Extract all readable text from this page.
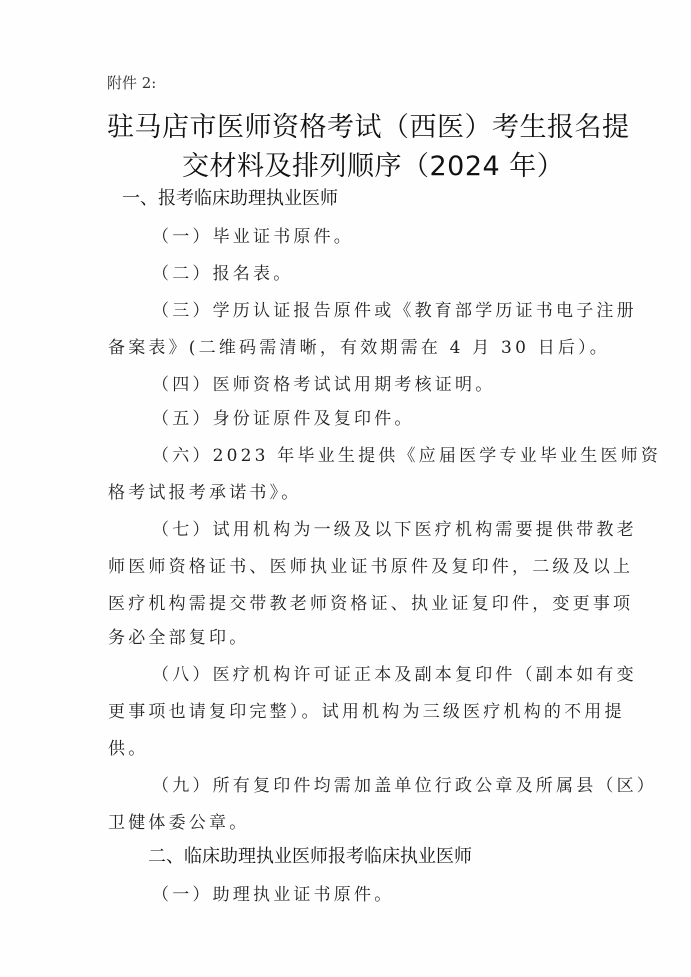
附件 2:
驻马店市医师资格考试（西医）考生报名提
交材料及排列顺序（2024 年）
一、报考临床助理执业医师
（一）毕业证书原件。
（二）报名表。
（三）学历认证报告原件或《教育部学历证书电子注册
备案表》(二维码需清晰，有效期需在 4 月 30 日后）。
（四）医师资格考试试用期考核证明。
（五）身份证原件及复印件。
（六）2023 年毕业生提供《应届医学专业毕业生医师资
格考试报考承诺书》。
（七）试用机构为一级及以下医疗机构需要提供带教老
师医师资格证书、医师执业证书原件及复印件，二级及以上
医疗机构需提交带教老师资格证、执业证复印件，变更事项
务必全部复印。
（八）医疗机构许可证正本及副本复印件（副本如有变
更事项也请复印完整）。试用机构为三级医疗机构的不用提
供。
（九）所有复印件均需加盖单位行政公章及所属县（区）
卫健体委公章。
二、临床助理执业医师报考临床执业医师
（一）助理执业证书原件。
